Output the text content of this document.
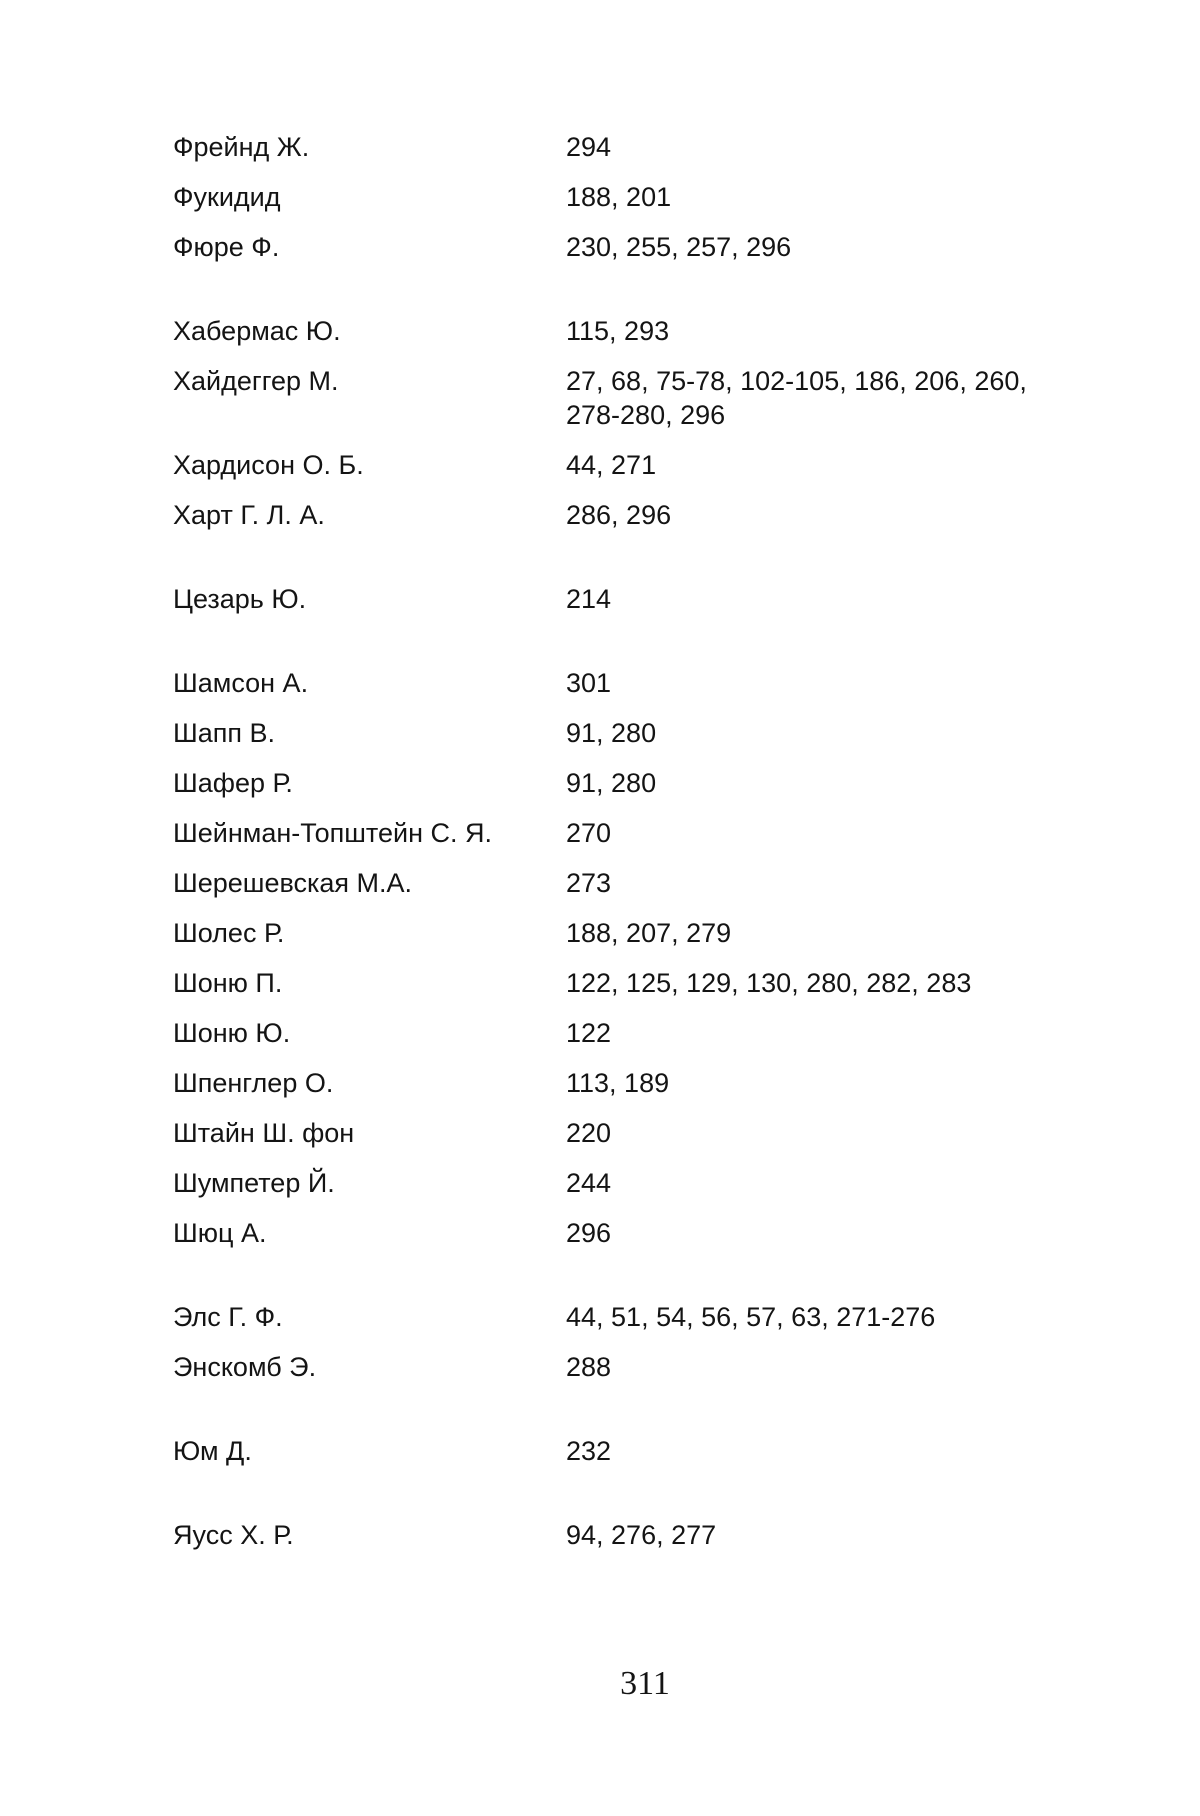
Фрейнд Ж.	294
Фукидид	188, 201
Фюре Ф.	230, 255, 257, 296
Хабермас Ю.	115, 293
Хайдеггер М.	27, 68, 75-78, 102-105, 186, 206, 260, 278-280, 296
Хардисон О. Б.	44, 271
Харт Г. Л. А.	286, 296
Цезарь Ю.	214
Шамсон А.	301
Шапп В.	91, 280
Шафер Р.	91, 280
Шейнман-Топштейн С. Я.	270
Шерешевская М.А.	273
Шолес Р.	188, 207, 279
Шоню П.	122, 125, 129, 130, 280, 282, 283
Шоню Ю.	122
Шпенглер О.	113, 189
Штайн Ш. фон	220
Шумпетер Й.	244
Шюц А.	296
Элс Г. Ф.	44, 51, 54, 56, 57, 63, 271-276
Энскомб Э.	288
Юм Д.	232
Яусс Х. Р.	94, 276, 277
311
